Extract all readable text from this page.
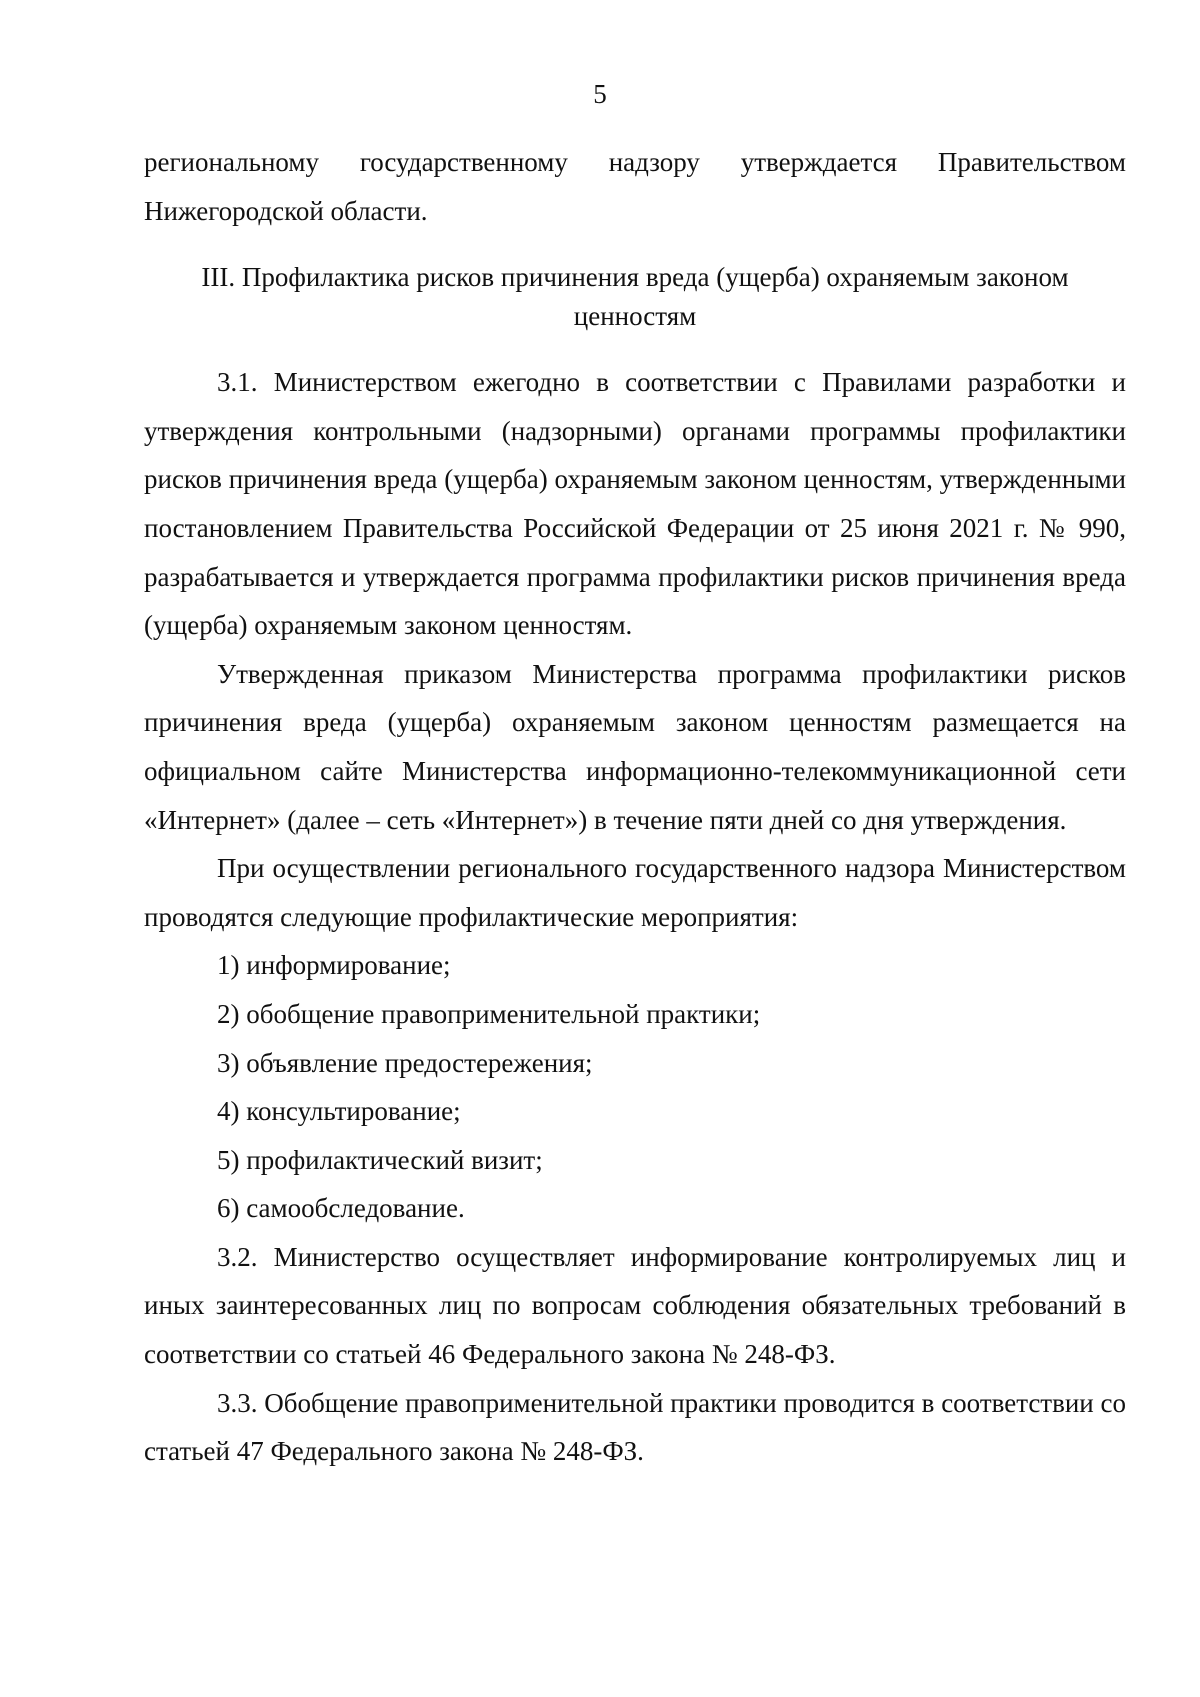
5

региональному государственному надзору утверждается Правительством Нижегородской области.

III. Профилактика рисков причинения вреда (ущерба) охраняемым законом
ценностям

3.1. Министерством ежегодно в соответствии с Правилами разработки и утверждения контрольными (надзорными) органами программы профилактики рисков причинения вреда (ущерба) охраняемым законом ценностям, утвержденными постановлением Правительства Российской Федерации от 25 июня 2021 г. № 990, разрабатывается и утверждается программа профилактики рисков причинения вреда (ущерба) охраняемым законом ценностям.

Утвержденная приказом Министерства программа профилактики рисков причинения вреда (ущерба) охраняемым законом ценностям размещается на официальном сайте Министерства информационно-телекоммуникационной сети «Интернет» (далее – сеть «Интернет») в течение пяти дней со дня утверждения.

При осуществлении регионального государственного надзора Министерством проводятся следующие профилактические мероприятия:

1) информирование;

2) обобщение правоприменительной практики;

3) объявление предостережения;

4) консультирование;

5) профилактический визит;

6) самообследование.

3.2. Министерство осуществляет информирование контролируемых лиц и иных заинтересованных лиц по вопросам соблюдения обязательных требований в соответствии со статьей 46 Федерального закона № 248-ФЗ.

3.3. Обобщение правоприменительной практики проводится в соответствии со статьей 47 Федерального закона № 248-ФЗ.
